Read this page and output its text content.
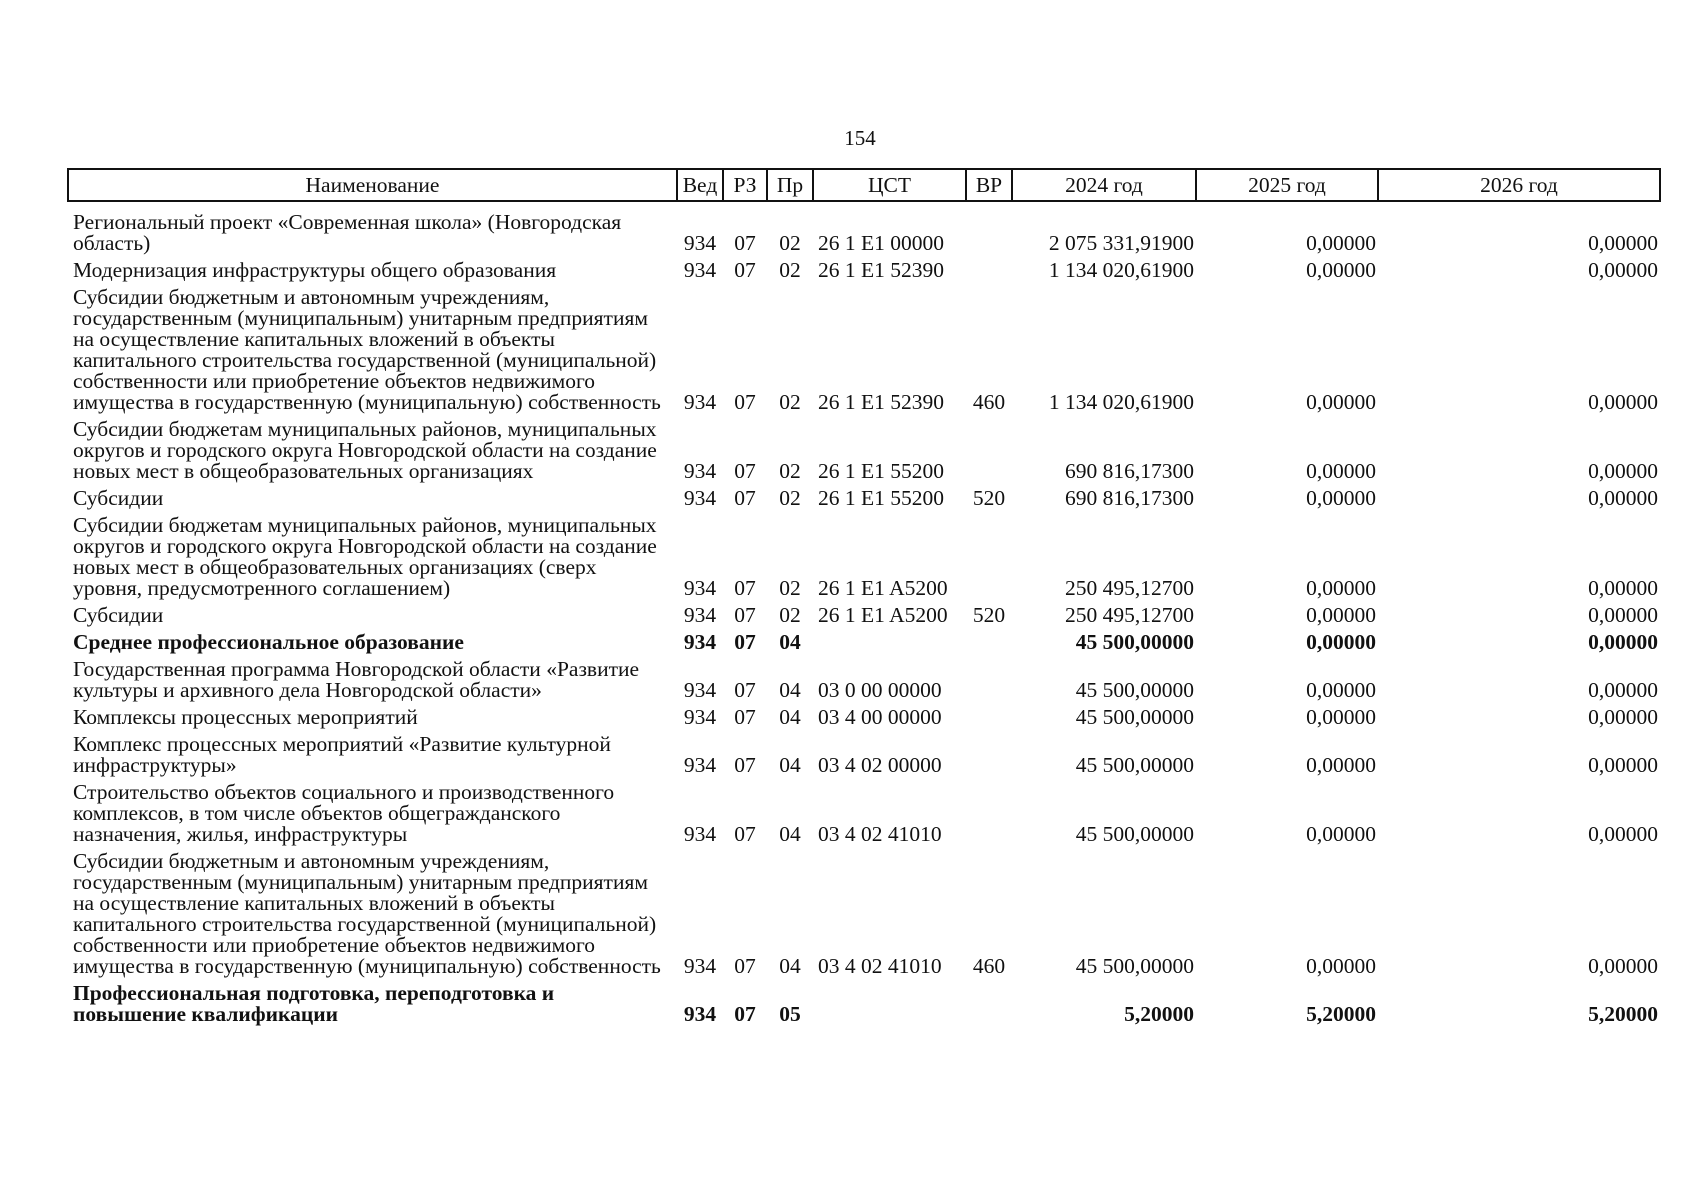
154
Наименование	Вед	РЗ	Пр	ЦСТ	ВР	2024 год	2025 год	2026 год
Региональный проект «Современная школа» (Новгородская область)	934	07	02	26 1 E1 00000		2 075 331,91900	0,00000	0,00000
Модернизация инфраструктуры общего образования	934	07	02	26 1 E1 52390		1 134 020,61900	0,00000	0,00000
Субсидии бюджетным и автономным учреждениям, государственным (муниципальным) унитарным предприятиям на осуществление капитальных вложений в объекты капитального строительства государственной (муниципальной) собственности или приобретение объектов недвижимого имущества в государственную (муниципальную) собственность	934	07	02	26 1 E1 52390	460	1 134 020,61900	0,00000	0,00000
Субсидии бюджетам муниципальных районов, муниципальных округов и городского округа Новгородской области на создание новых мест в общеобразовательных организациях	934	07	02	26 1 E1 55200		690 816,17300	0,00000	0,00000
Субсидии	934	07	02	26 1 E1 55200	520	690 816,17300	0,00000	0,00000
Субсидии бюджетам муниципальных районов, муниципальных округов и городского округа Новгородской области на создание новых мест в общеобразовательных организациях (сверх уровня, предусмотренного соглашением)	934	07	02	26 1 E1 A5200		250 495,12700	0,00000	0,00000
Субсидии	934	07	02	26 1 E1 A5200	520	250 495,12700	0,00000	0,00000
Среднее профессиональное образование	934	07	04			45 500,00000	0,00000	0,00000
Государственная программа Новгородской области «Развитие культуры и архивного дела Новгородской области»	934	07	04	03 0 00 00000		45 500,00000	0,00000	0,00000
Комплексы процессных мероприятий	934	07	04	03 4 00 00000		45 500,00000	0,00000	0,00000
Комплекс процессных мероприятий «Развитие культурной инфраструктуры»	934	07	04	03 4 02 00000		45 500,00000	0,00000	0,00000
Строительство объектов социального и производственного комплексов, в том числе объектов общегражданского назначения, жилья, инфраструктуры	934	07	04	03 4 02 41010		45 500,00000	0,00000	0,00000
Субсидии бюджетным и автономным учреждениям, государственным (муниципальным) унитарным предприятиям на осуществление капитальных вложений в объекты капитального строительства государственной (муниципальной) собственности или приобретение объектов недвижимого имущества в государственную (муниципальную) собственность	934	07	04	03 4 02 41010	460	45 500,00000	0,00000	0,00000
Профессиональная подготовка, переподготовка и повышение квалификации	934	07	05			5,20000	5,20000	5,20000
